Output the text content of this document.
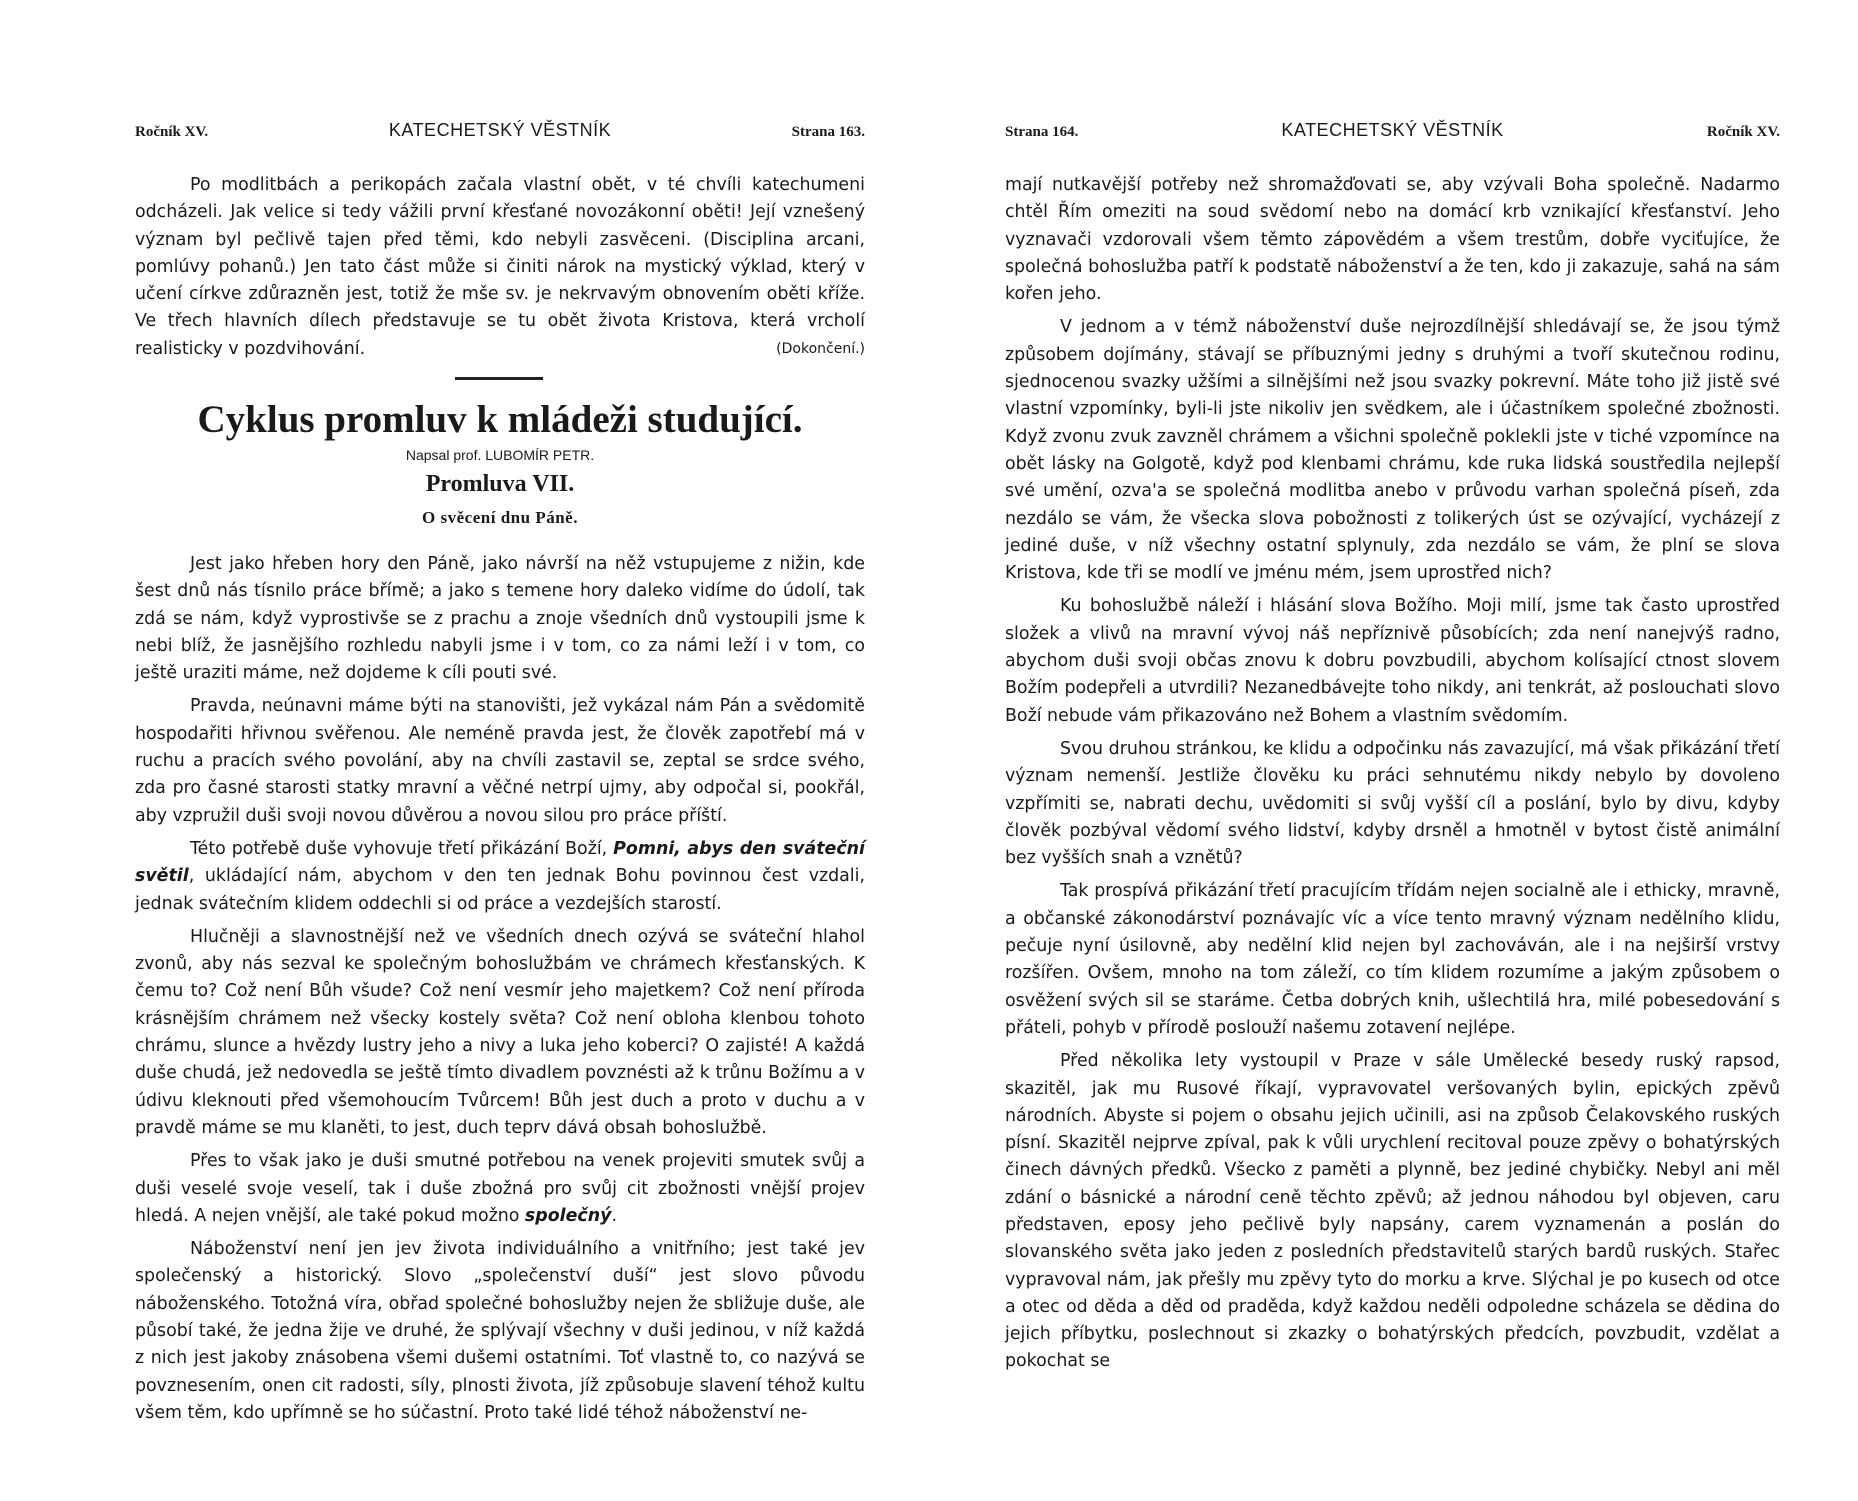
Ročník XV.	KATECHETSKÝ VĚSTNÍK	Strana 163.

Po modlitbách a perikopách začala vlastní obět, v té chvíli katechumeni odcházeli. Jak velice si tedy vážili první křesťané novozákonní oběti! Její vznešený význam byl pečlivě tajen před těmi, kdo nebyli zasvěceni. (Disciplina arcani, pomlúvy pohanů.) Jen tato část může si činiti nárok na mystický výklad, který v učení církve zdůrazněn jest, totiž že mše sv. je nekrvavým obnovením oběti kříže. Ve třech hlavních dílech představuje se tu obět života Kristova, která vrcholí realisticky v pozdvihování.	(Dokončení.)

Cyklus promluv k mládeži studující.
Napsal prof. LUBOMÍR PETR.
Promluva VII.
O svěcení dnu Páně.

Jest jako hřeben hory den Páně, jako návrší na něž vstupujeme z nižin, kde šest dnů nás tísnilo práce břímě; a jako s temene hory daleko vidíme do údolí, tak zdá se nám, když vyprostivše se z prachu a znoje všedních dnů vystoupili jsme k nebi blíž, že jasnějšího rozhledu nabyli jsme i v tom, co za námi leží i v tom, co ještě uraziti máme, než dojdeme k cíli pouti své.

Pravda, neúnavni máme býti na stanovišti, jež vykázal nám Pán a svědomitě hospodařiti hřivnou svěřenou. Ale neméně pravda jest, že člověk zapotřebí má v ruchu a pracích svého povolání, aby na chvíli zastavil se, zeptal se srdce svého, zda pro časné starosti statky mravní a věčné netrpí ujmy, aby odpočal si, pookřál, aby vzpružil duši svoji novou důvěrou a novou silou pro práce příští.

Této potřebě duše vyhovuje třetí přikázání Boží, Pomni, abys den sváteční světil, ukládající nám, abychom v den ten jednak Bohu povinnou čest vzdali, jednak svátečním klidem oddechli si od práce a vezdejších starostí.

Hlučněji a slavnostnější než ve všedních dnech ozývá se sváteční hlahol zvonů, aby nás sezval ke společným bohoslužbám ve chrámech křesťanských. K čemu to? Což není Bůh všude? Což není vesmír jeho majetkem? Což není příroda krásnějším chrámem než všecky kostely světa? Což není obloha klenbou tohoto chrámu, slunce a hvězdy lustry jeho a nivy a luka jeho koberci? O zajisté! A každá duše chudá, jež nedovedla se ještě tímto divadlem povznésti až k trůnu Božímu a v údivu kleknouti před všemohoucím Tvůrcem! Bůh jest duch a proto v duchu a v pravdě máme se mu klaněti, to jest, duch teprv dává obsah bohoslužbě.

Přes to však jako je duši smutné potřebou na venek projeviti smutek svůj a duši veselé svoje veselí, tak i duše zbožná pro svůj cit zbožnosti vnější projev hledá. A nejen vnější, ale také pokud možno společný.

Náboženství není jen jev života individuálního a vnitřního; jest také jev společenský a historický. Slovo „společenství duší“ jest slovo původu náboženského. Totožná víra, obřad společné bohoslužby nejen že sbližuje duše, ale působí také, že jedna žije ve druhé, že splývají všechny v duši jedinou, v níž každá z nich jest jakoby znásobena všemi dušemi ostatními. Toť vlastně to, co nazývá se povznesením, onen cit radosti, síly, plnosti života, jíž způsobuje slavení téhož kultu všem těm, kdo upřímně se ho súčastní. Proto také lidé téhož náboženství ne-

Strana 164.	KATECHETSKÝ VĚSTNÍK	Ročník XV.

mají nutkavější potřeby než shromažďovati se, aby vzývali Boha společně. Nadarmo chtěl Řím omeziti na soud svědomí nebo na domácí krb vznikající křesťanství. Jeho vyznavači vzdorovali všem těmto zápovědém a všem trestům, dobře vyciťujíce, že společná bohoslužba patří k podstatě náboženství a že ten, kdo ji zakazuje, sahá na sám kořen jeho.

V jednom a v témž náboženství duše nejrozdílnější shledávají se, že jsou týmž způsobem dojímány, stávají se příbuznými jedny s druhými a tvoří skutečnou rodinu, sjednocenou svazky užšími a silnějšími než jsou svazky pokrevní. Máte toho již jistě své vlastní vzpomínky, byli-li jste nikoliv jen svědkem, ale i účastníkem společné zbožnosti. Když zvonu zvuk zavzněl chrámem a všichni společně poklekli jste v tiché vzpomínce na obět lásky na Golgotě, když pod klenbami chrámu, kde ruka lidská soustředila nejlepší své umění, ozva'a se společná modlitba anebo v průvodu varhan společná píseň, zda nezdálo se vám, že všecka slova pobožnosti z tolikerých úst se ozývající, vycházejí z jediné duše, v níž všechny ostatní splynuly, zda nezdálo se vám, že plní se slova Kristova, kde tři se modlí ve jménu mém, jsem uprostřed nich?

Ku bohoslužbě náleží i hlásání slova Božího. Moji milí, jsme tak často uprostřed složek a vlivů na mravní vývoj náš nepříznivě působících; zda není nanejvýš radno, abychom duši svoji občas znovu k dobru povzbudili, abychom kolísající ctnost slovem Božím podepřeli a utvrdili? Nezanedbávejte toho nikdy, ani tenkrát, až poslouchati slovo Boží nebude vám přikazováno než Bohem a vlastním svědomím.

Svou druhou stránkou, ke klidu a odpočinku nás zavazující, má však přikázání třetí význam nemenší. Jestliže člověku ku práci sehnutému nikdy nebylo by dovoleno vzpřímiti se, nabrati dechu, uvědomiti si svůj vyšší cíl a poslání, bylo by divu, kdyby člověk pozbýval vědomí svého lidství, kdyby drsněl a hmotněl v bytost čistě animální bez vyšších snah a vznětů?

Tak prospívá přikázání třetí pracujícím třídám nejen socialně ale i ethicky, mravně, a občanské zákonodárství poznávajíc víc a více tento mravný význam nedělního klidu, pečuje nyní úsilovně, aby nedělní klid nejen byl zachováván, ale i na nejširší vrstvy rozšířen. Ovšem, mnoho na tom záleží, co tím klidem rozumíme a jakým způsobem o osvěžení svých sil se staráme. Četba dobrých knih, ušlechtilá hra, milé pobesedování s přáteli, pohyb v přírodě poslouží našemu zotavení nejlépe.

Před několika lety vystoupil v Praze v sále Umělecké besedy ruský rapsod, skazitěl, jak mu Rusové říkají, vypravovatel veršovaných bylin, epických zpěvů národních. Abyste si pojem o obsahu jejich učinili, asi na způsob Čelakovského ruských písní. Skazitěl nejprve zpíval, pak k vůli urychlení recitoval pouze zpěvy o bohatýrských činech dávných předků. Všecko z paměti a plynně, bez jediné chybičky. Nebyl ani měl zdání o básnické a národní ceně těchto zpěvů; až jednou náhodou byl objeven, caru představen, eposy jeho pečlivě byly napsány, carem vyznamenán a poslán do slovanského světa jako jeden z posledních představitelů starých bardů ruských. Stařec vypravoval nám, jak přešly mu zpěvy tyto do morku a krve. Slýchal je po kusech od otce a otec od děda a děd od praděda, když každou neděli odpoledne scházela se dědina do jejich příbytku, poslechnout si zkazky o bohatýrských předcích, povzbudit, vzdělat a pokochat se
